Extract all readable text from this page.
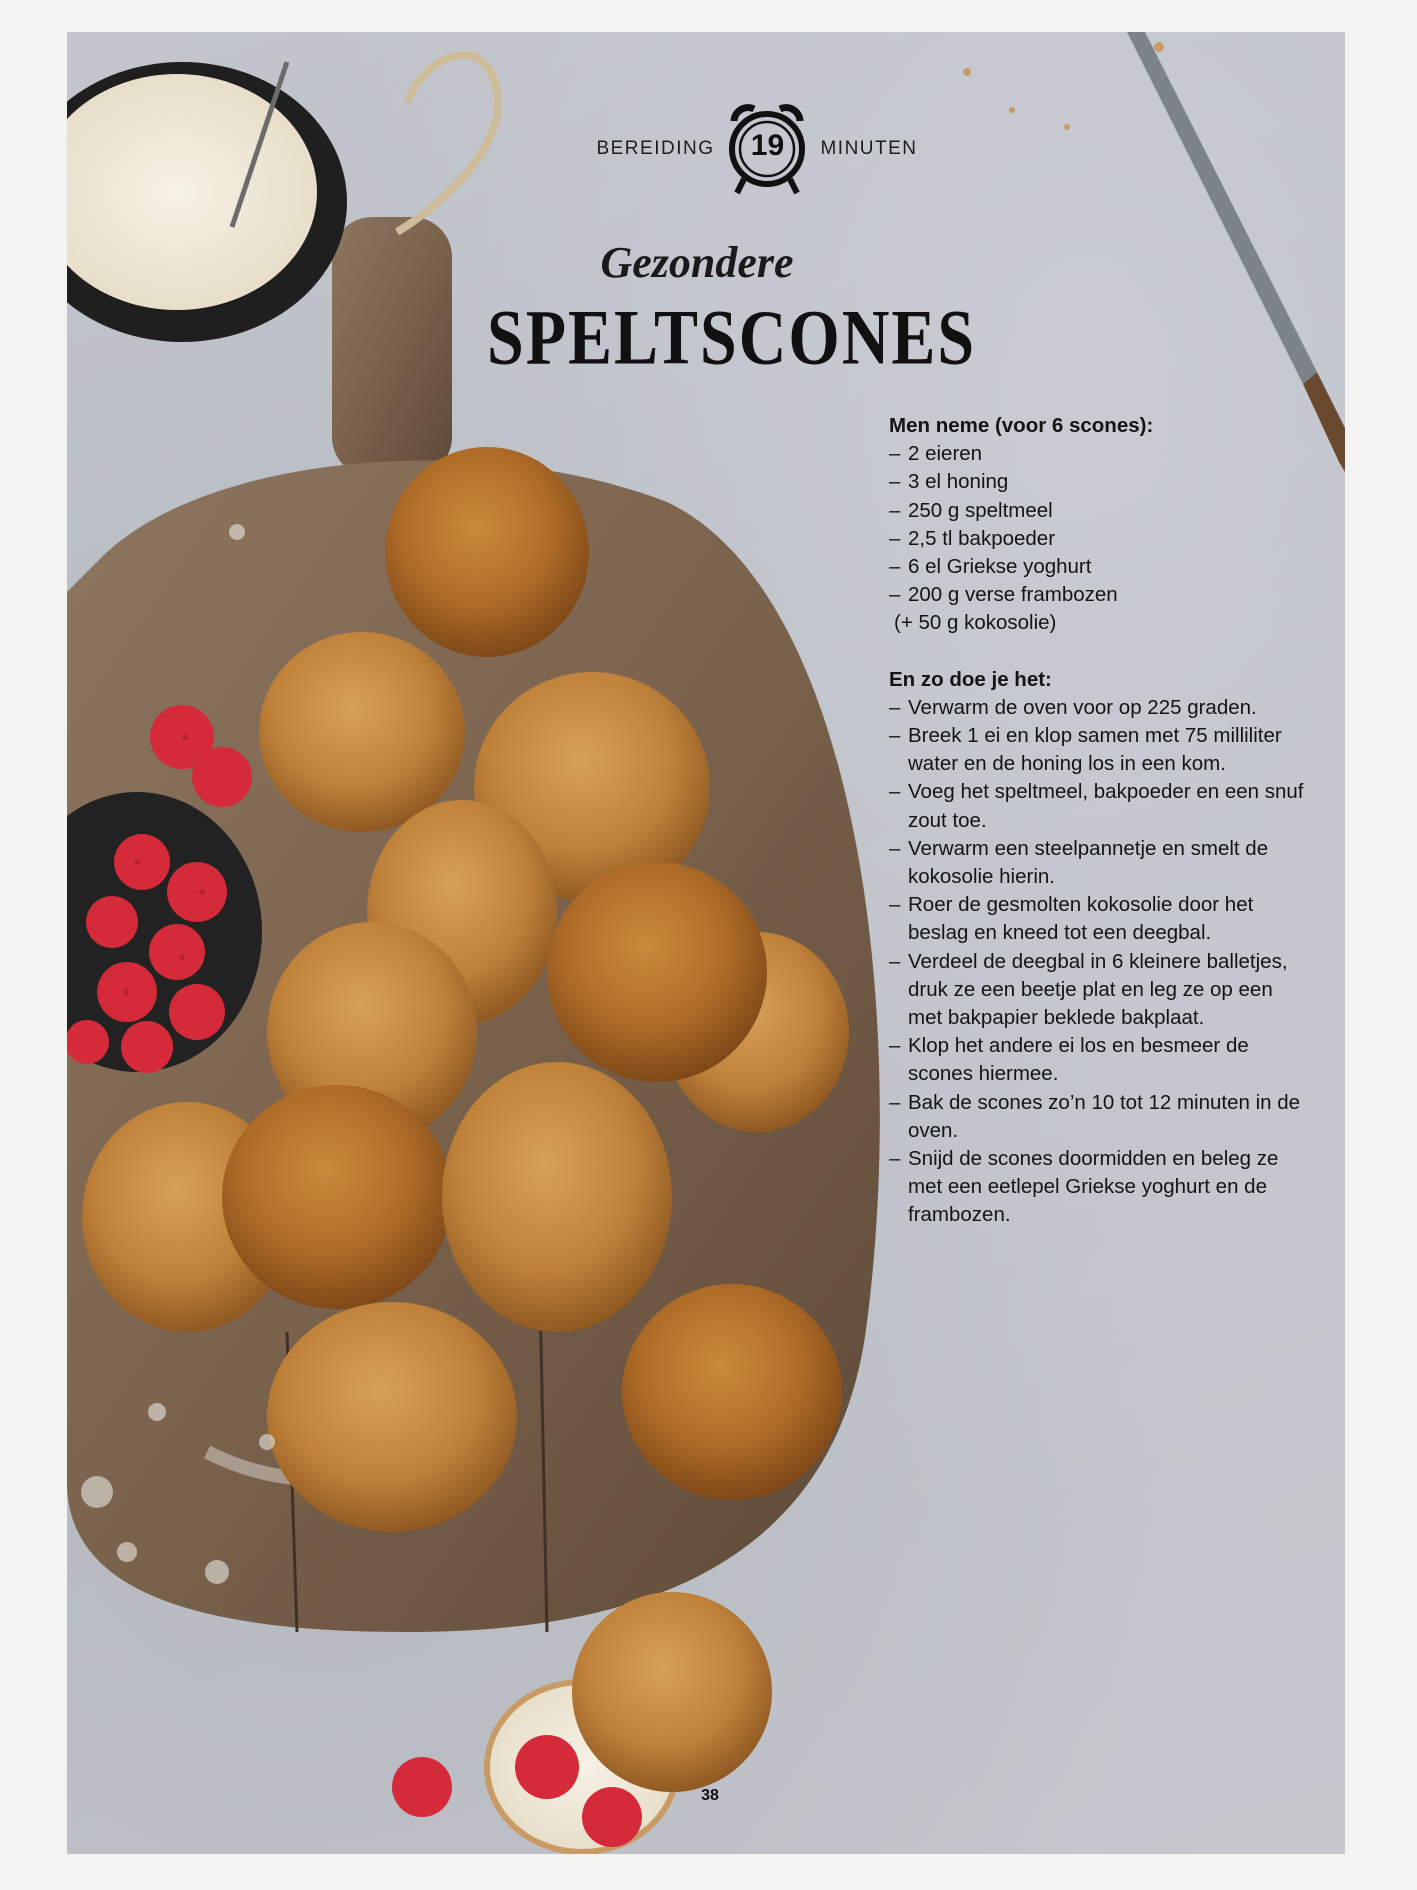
BEREIDING	19	MINUTEN
Gezondere
SPELTSCONES
Men neme (voor 6 scones):
– 2 eieren
– 3 el honing
– 250 g speltmeel
– 2,5 tl bakpoeder
– 6 el Griekse yoghurt
– 200 g verse frambozen
(+ 50 g kokosolie)
En zo doe je het:
– Verwarm de oven voor op 225 graden.
– Breek 1 ei en klop samen met 75 milliliter water en de honing los in een kom.
– Voeg het speltmeel, bakpoeder en een snuf zout toe.
– Verwarm een steelpannetje en smelt de kokosolie hierin.
– Roer de gesmolten kokosolie door het beslag en kneed tot een deegbal.
– Verdeel de deegbal in 6 kleinere balletjes, druk ze een beetje plat en leg ze op een met bakpapier beklede bakplaat.
– Klop het andere ei los en besmeer de scones hiermee.
– Bak de scones zo’n 10 tot 12 minuten in de oven.
– Snijd de scones doormidden en beleg ze met een eetlepel Griekse yoghurt en de frambozen.
38
